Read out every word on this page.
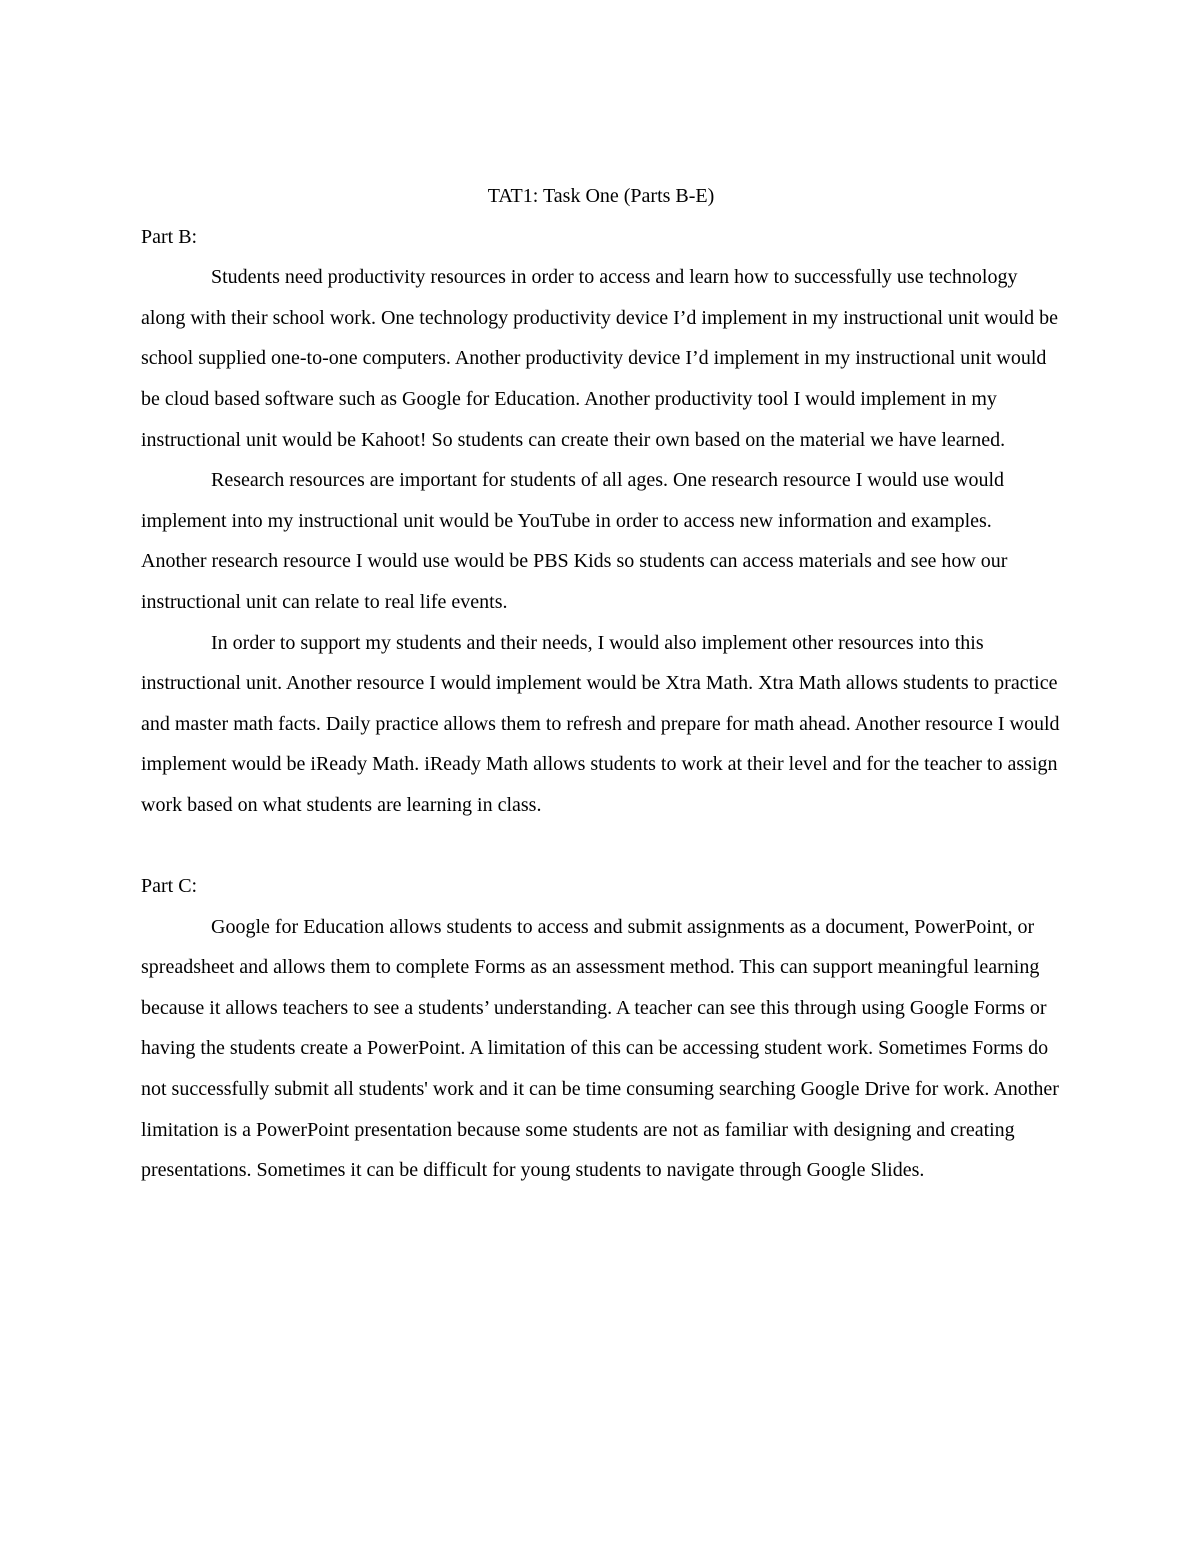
TAT1: Task One (Parts B-E)
Part B:

Students need productivity resources in order to access and learn how to successfully use technology along with their school work. One technology productivity device I’d implement in my instructional unit would be school supplied one-to-one computers. Another productivity device I’d implement in my instructional unit would be cloud based software such as Google for Education. Another productivity tool I would implement in my instructional unit would be Kahoot! So students can create their own based on the material we have learned.

Research resources are important for students of all ages. One research resource I would use would implement into my instructional unit would be YouTube in order to access new information and examples. Another research resource I would use would be PBS Kids so students can access materials and see how our instructional unit can relate to real life events.

In order to support my students and their needs, I would also implement other resources into this instructional unit. Another resource I would implement would be Xtra Math. Xtra Math allows students to practice and master math facts. Daily practice allows them to refresh and prepare for math ahead. Another resource I would implement would be iReady Math. iReady Math allows students to work at their level and for the teacher to assign work based on what students are learning in class.

Part C:

Google for Education allows students to access and submit assignments as a document, PowerPoint, or spreadsheet and allows them to complete Forms as an assessment method. This can support meaningful learning because it allows teachers to see a students’ understanding. A teacher can see this through using Google Forms or having the students create a PowerPoint. A limitation of this can be accessing student work. Sometimes Forms do not successfully submit all students' work and it can be time consuming searching Google Drive for work. Another limitation is a PowerPoint presentation because some students are not as familiar with designing and creating presentations. Sometimes it can be difficult for young students to navigate through Google Slides.
